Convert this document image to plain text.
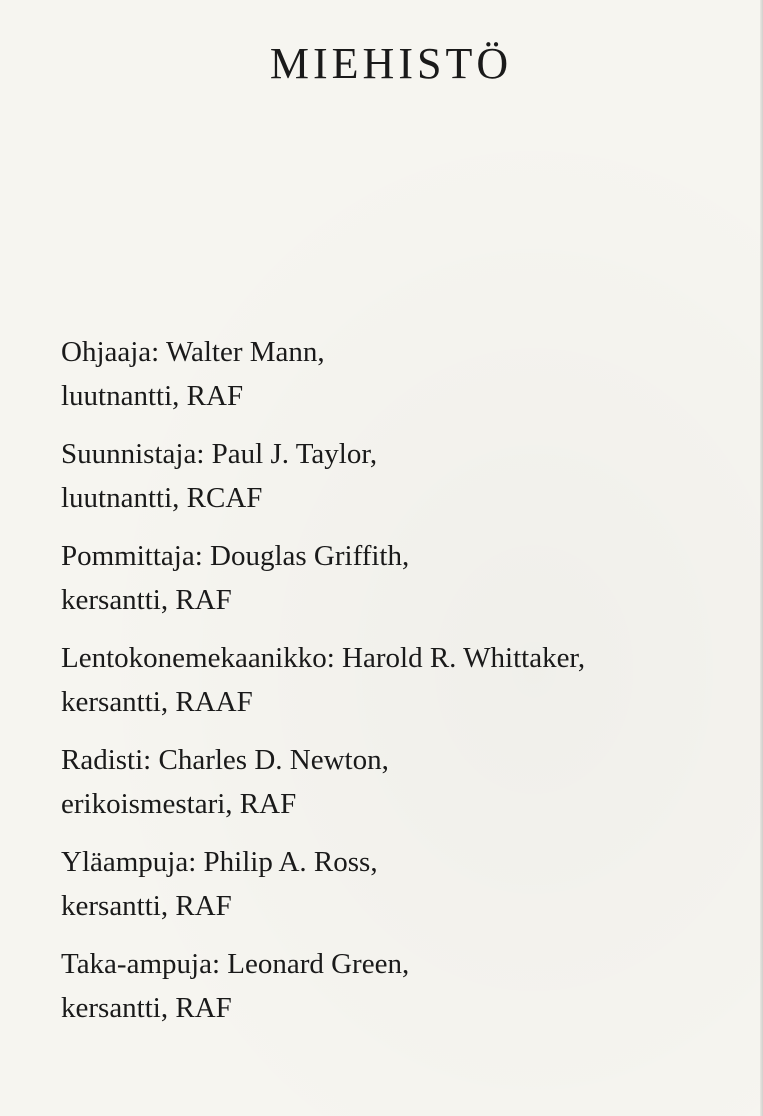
MIEHISTÖ
Ohjaaja: Walter Mann,
luutnantti, RAF
Suunnistaja: Paul J. Taylor,
luutnantti, RCAF
Pommittaja: Douglas Griffith,
kersantti, RAF
Lentokonemekaanikko: Harold R. Whittaker,
kersantti, RAAF
Radisti: Charles D. Newton,
erikoismestari, RAF
Yläampuja: Philip A. Ross,
kersantti, RAF
Taka-ampuja: Leonard Green,
kersantti, RAF
